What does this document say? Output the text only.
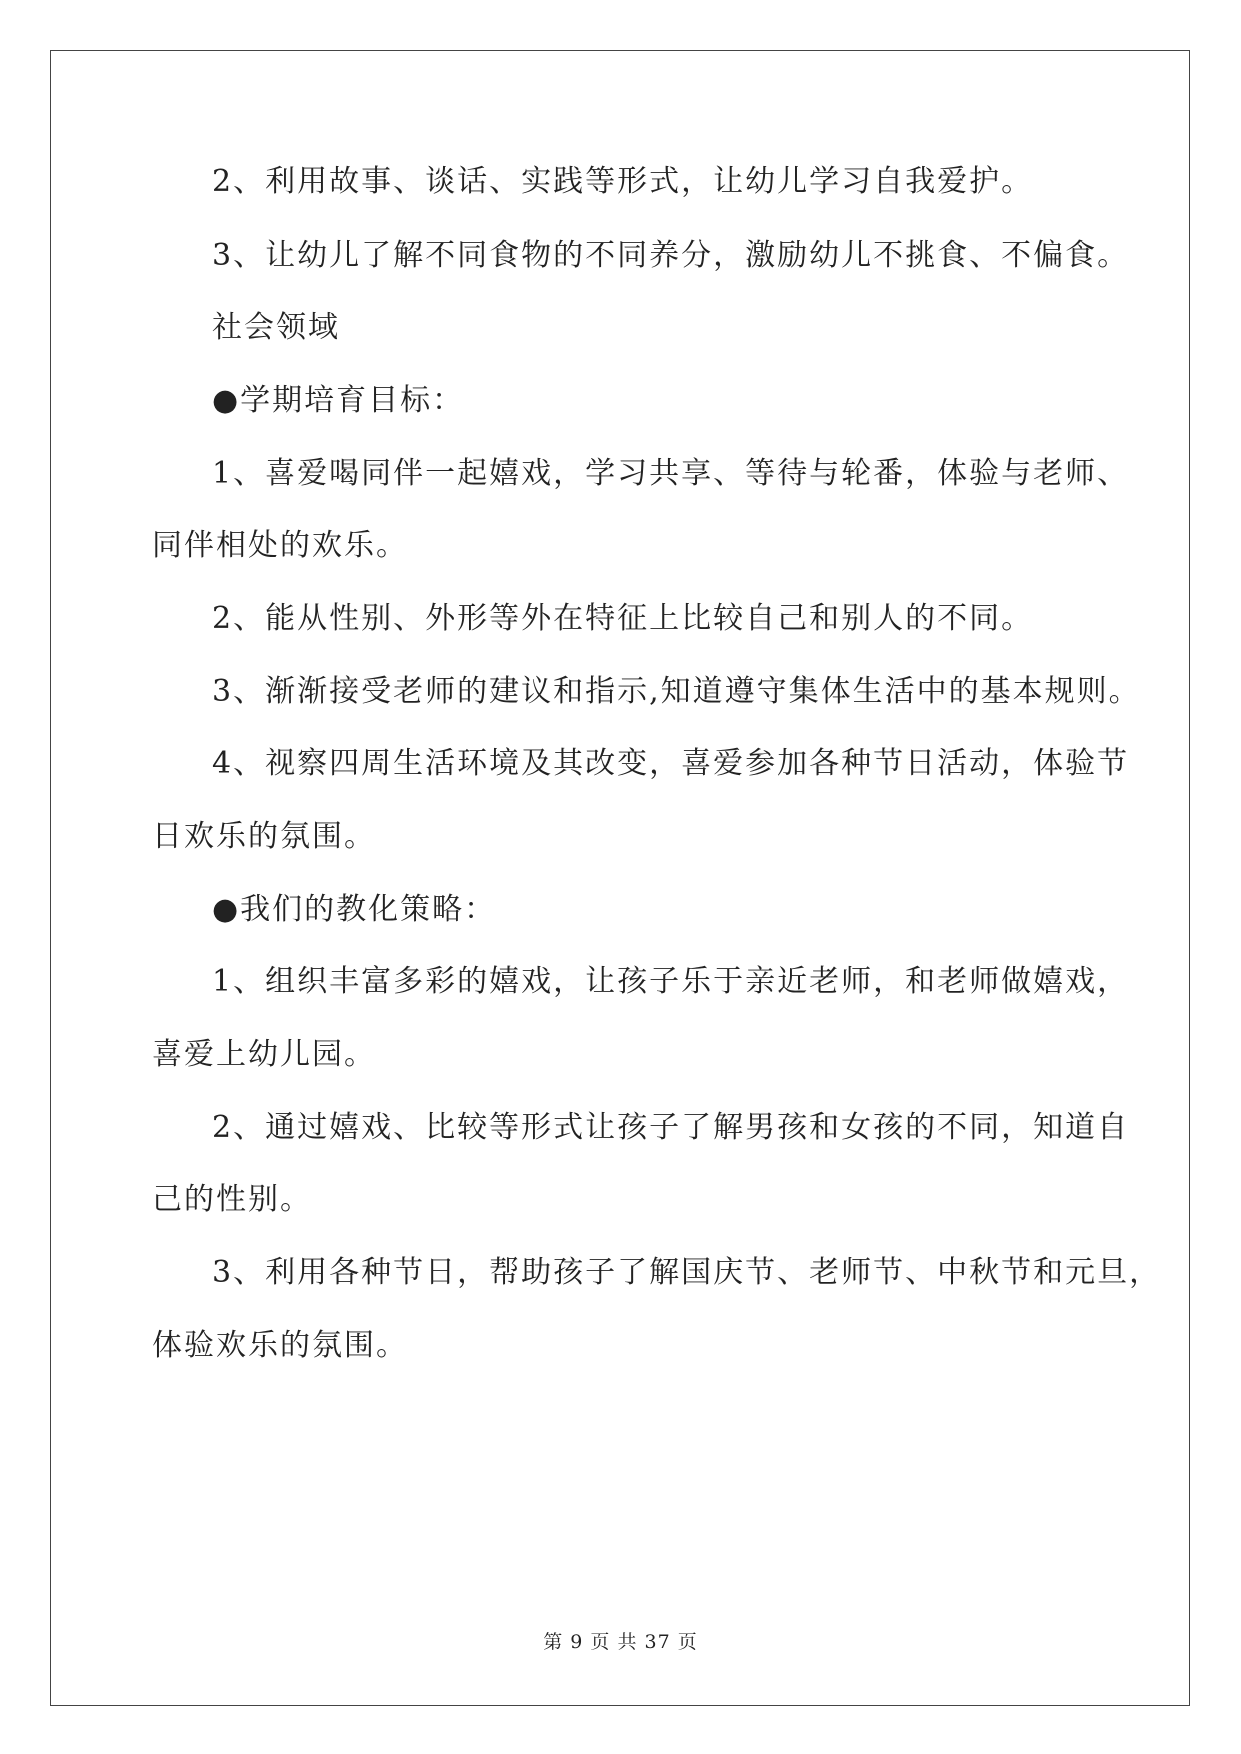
2、利用故事、谈话、实践等形式，让幼儿学习自我爱护。
3、让幼儿了解不同食物的不同养分，激励幼儿不挑食、不偏食。
社会领域
●学期培育目标：
1、喜爱喝同伴一起嬉戏，学习共享、等待与轮番，体验与老师、
同伴相处的欢乐。
2、能从性别、外形等外在特征上比较自己和别人的不同。
3、渐渐接受老师的建议和指示,知道遵守集体生活中的基本规则。
4、视察四周生活环境及其改变，喜爱参加各种节日活动，体验节
日欢乐的氛围。
●我们的教化策略：
1、组织丰富多彩的嬉戏，让孩子乐于亲近老师，和老师做嬉戏，
喜爱上幼儿园。
2、通过嬉戏、比较等形式让孩子了解男孩和女孩的不同，知道自
己的性别。
3、利用各种节日，帮助孩子了解国庆节、老师节、中秋节和元旦，
体验欢乐的氛围。
第 9 页 共 37 页
